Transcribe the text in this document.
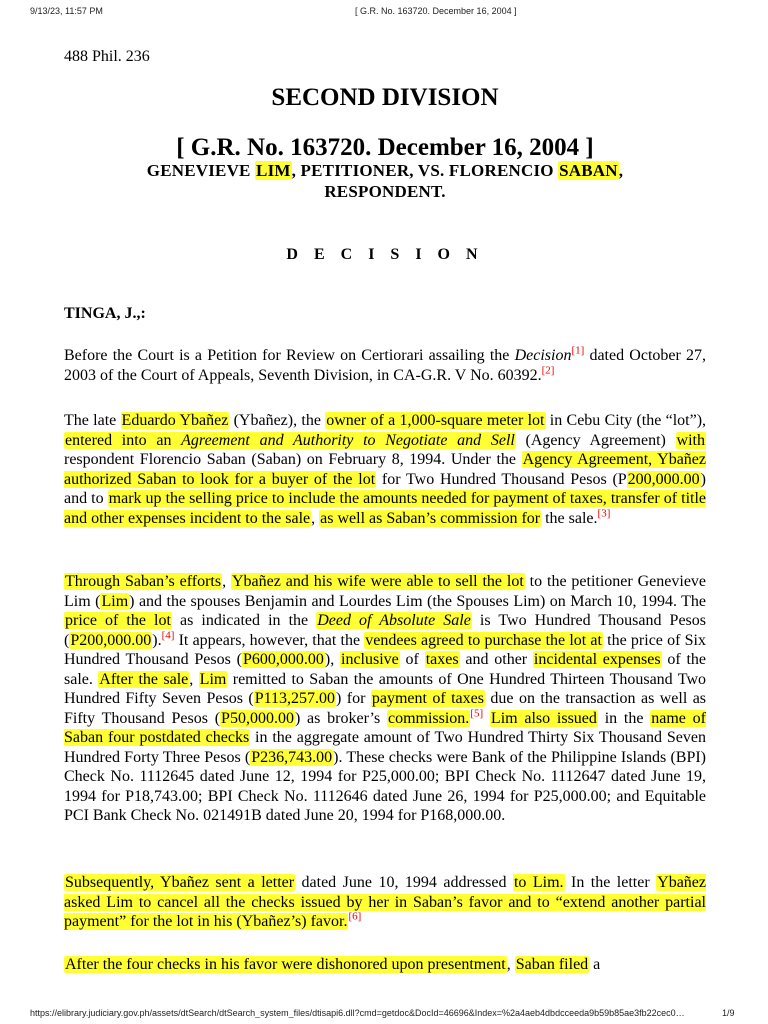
9/13/23, 11:57 PM	[ G.R. No. 163720. December 16, 2004 ]
488 Phil. 236
SECOND DIVISION
[ G.R. No. 163720. December 16, 2004 ]
GENEVIEVE LIM, PETITIONER, VS. FLORENCIO SABAN,
RESPONDENT.
D E C I S I O N
TINGA, J.,:
Before the Court is a Petition for Review on Certiorari assailing the Decision[1] dated October 27, 2003 of the Court of Appeals, Seventh Division, in CA-G.R. V No. 60392.[2]
The late Eduardo Ybañez (Ybañez), the owner of a 1,000-square meter lot in Cebu City (the “lot”), entered into an Agreement and Authority to Negotiate and Sell (Agency Agreement) with respondent Florencio Saban (Saban) on February 8, 1994. Under the Agency Agreement, Ybañez authorized Saban to look for a buyer of the lot for Two Hundred Thousand Pesos (P200,000.00) and to mark up the selling price to include the amounts needed for payment of taxes, transfer of title and other expenses incident to the sale, as well as Saban’s commission for the sale.[3]
Through Saban’s efforts, Ybañez and his wife were able to sell the lot to the petitioner Genevieve Lim (Lim) and the spouses Benjamin and Lourdes Lim (the Spouses Lim) on March 10, 1994. The price of the lot as indicated in the Deed of Absolute Sale is Two Hundred Thousand Pesos (P200,000.00).[4] It appears, however, that the vendees agreed to purchase the lot at the price of Six Hundred Thousand Pesos (P600,000.00), inclusive of taxes and other incidental expenses of the sale. After the sale, Lim remitted to Saban the amounts of One Hundred Thirteen Thousand Two Hundred Fifty Seven Pesos (P113,257.00) for payment of taxes due on the transaction as well as Fifty Thousand Pesos (P50,000.00) as broker’s commission.[5] Lim also issued in the name of Saban four postdated checks in the aggregate amount of Two Hundred Thirty Six Thousand Seven Hundred Forty Three Pesos (P236,743.00). These checks were Bank of the Philippine Islands (BPI) Check No. 1112645 dated June 12, 1994 for P25,000.00; BPI Check No. 1112647 dated June 19, 1994 for P18,743.00; BPI Check No. 1112646 dated June 26, 1994 for P25,000.00; and Equitable PCI Bank Check No. 021491B dated June 20, 1994 for P168,000.00.
Subsequently, Ybañez sent a letter dated June 10, 1994 addressed to Lim. In the letter Ybañez asked Lim to cancel all the checks issued by her in Saban’s favor and to “extend another partial payment” for the lot in his (Ybañez’s) favor.[6]
After the four checks in his favor were dishonored upon presentment, Saban filed a
https://elibrary.judiciary.gov.ph/assets/dtSearch/dtSearch_system_files/dtisapi6.dll?cmd=getdoc&DocId=46696&Index=%2a4aeb4dbdcceeda9b59b85ae3fb22cec0…	1/9
